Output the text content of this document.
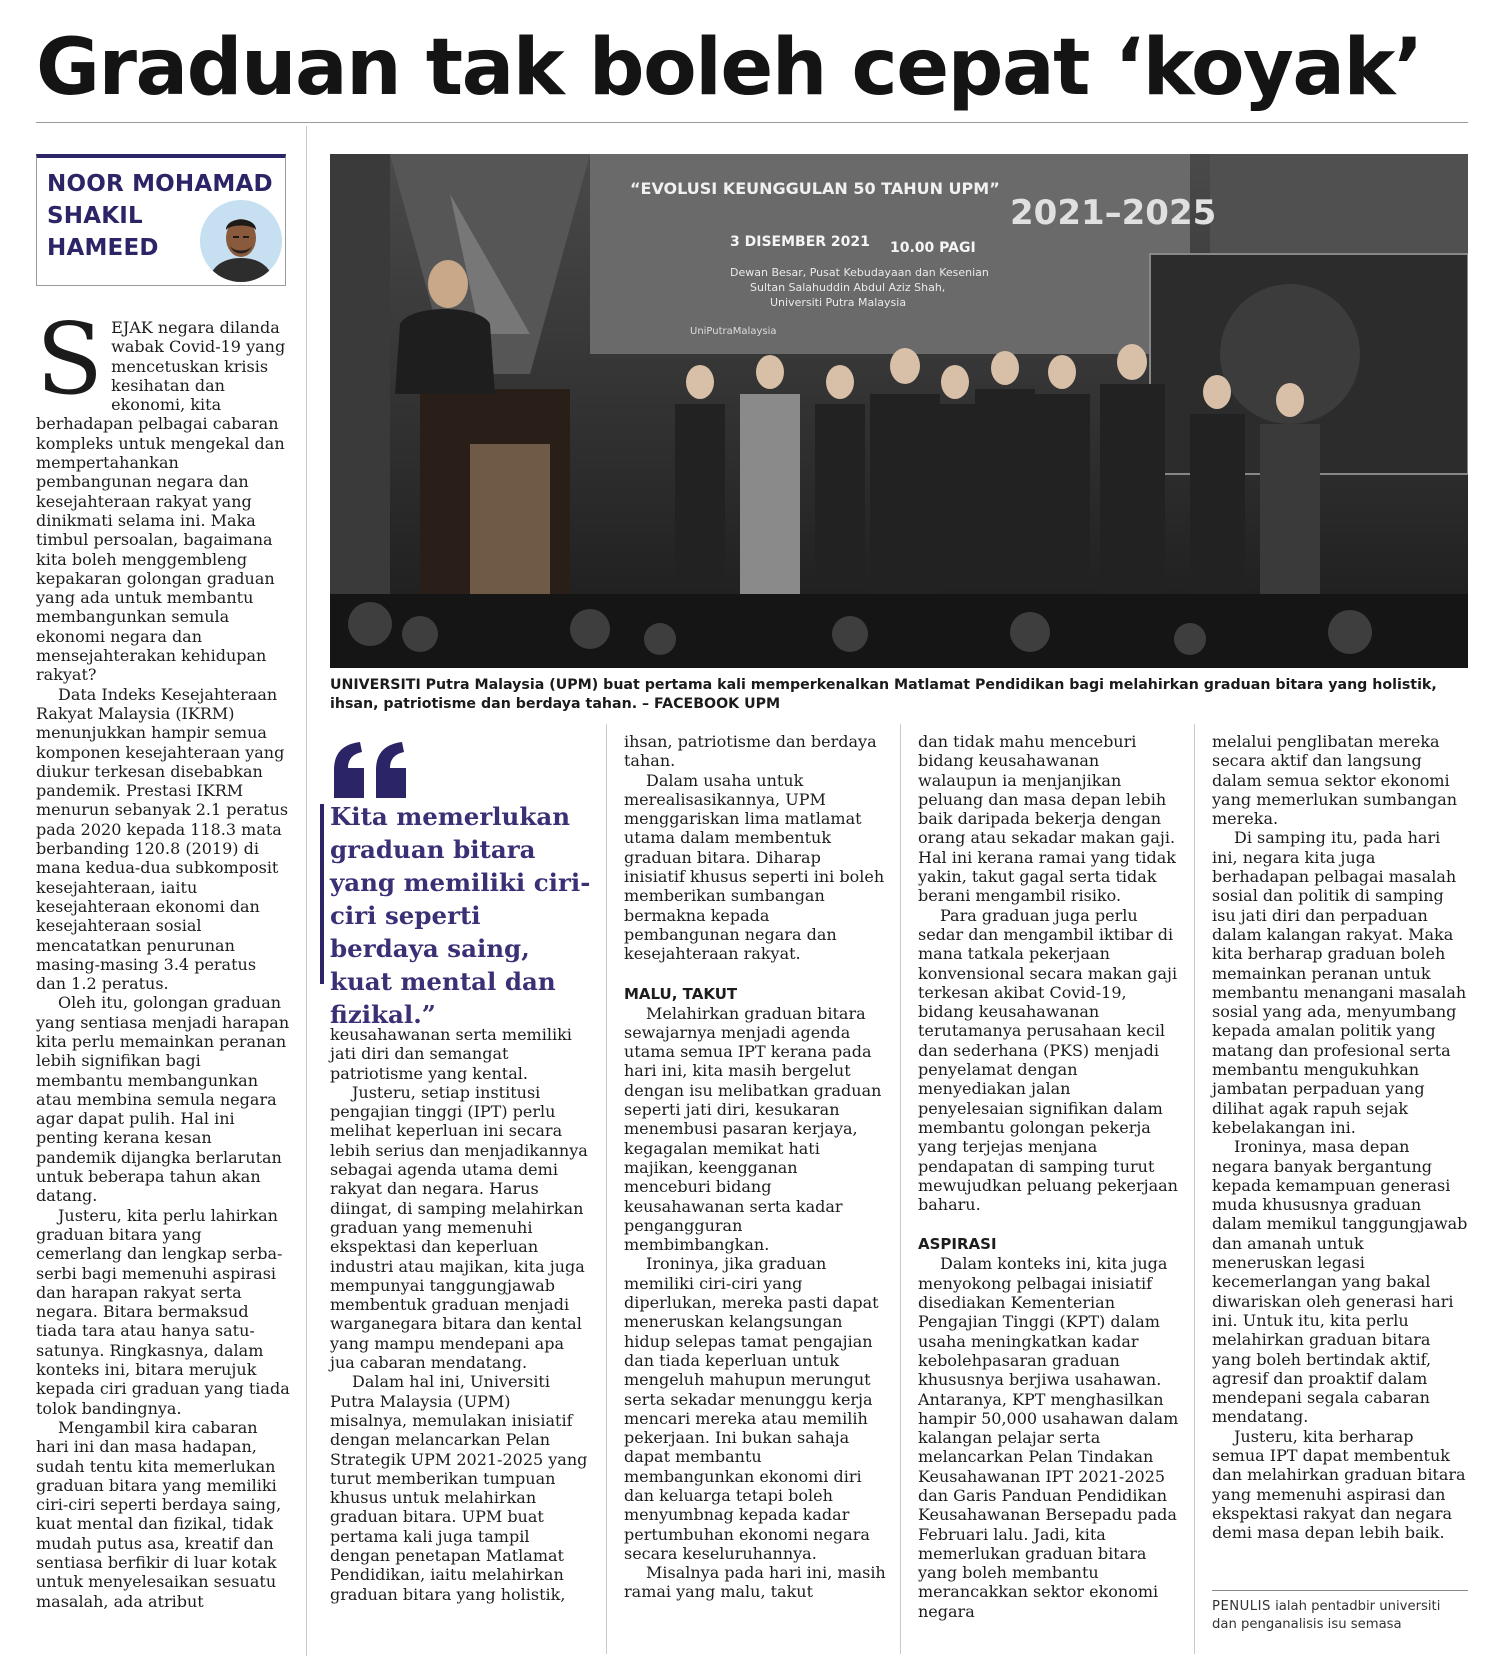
Graduan tak boleh cepat ‘koyak’
NOOR MOHAMAD
SHAKIL
HAMEED
“EVOLUSI KEUNGGULAN 50 TAHUN UPM”
2021–2025
3 DISEMBER 2021 10.00 PAGI
Dewan Besar, Pusat Kebudayaan dan Kesenian
Sultan Salahuddin Abdul Aziz Shah,
Universiti Putra Malaysia
UniPutraMalaysia

UNIVERSITI Putra Malaysia (UPM) buat pertama kali memperkenalkan Matlamat Pendidikan bagi melahirkan graduan bitara yang holistik, ihsan, patriotisme dan berdaya tahan. – FACEBOOK UPM

SEJAK negara dilanda wabak Covid-19 yang mencetuskan krisis kesihatan dan ekonomi, kita berhadapan pelbagai cabaran kompleks untuk mengekal dan mempertahankan pembangunan negara dan kesejahteraan rakyat yang dinikmati selama ini. Maka timbul persoalan, bagaimana kita boleh menggembleng kepakaran golongan graduan yang ada untuk membantu membangunkan semula ekonomi negara dan mensejahterakan kehidupan rakyat?

Data Indeks Kesejahteraan Rakyat Malaysia (IKRM) menunjukkan hampir semua komponen kesejahteraan yang diukur terkesan disebabkan pandemik. Prestasi IKRM menurun sebanyak 2.1 peratus pada 2020 kepada 118.3 mata berbanding 120.8 (2019) di mana kedua-dua subkomposit kesejahteraan, iaitu kesejahteraan ekonomi dan kesejahteraan sosial mencatatkan penurunan masing-masing 3.4 peratus dan 1.2 peratus.

Oleh itu, golongan graduan yang sentiasa menjadi harapan kita perlu memainkan peranan lebih signifikan bagi membantu membangunkan atau membina semula negara agar dapat pulih. Hal ini penting kerana kesan pandemik dijangka berlarutan untuk beberapa tahun akan datang.

Justeru, kita perlu lahirkan graduan bitara yang cemerlang dan lengkap serba-serbi bagi memenuhi aspirasi dan harapan rakyat serta negara. Bitara bermaksud tiada tara atau hanya satu-satunya. Ringkasnya, dalam konteks ini, bitara merujuk kepada ciri graduan yang tiada tolok bandingnya.

Mengambil kira cabaran hari ini dan masa hadapan, sudah tentu kita memerlukan graduan bitara yang memiliki ciri-ciri seperti berdaya saing, kuat mental dan fizikal, tidak mudah putus asa, kreatif dan sentiasa berfikir di luar kotak untuk menyelesaikan sesuatu masalah, ada atribut

Kita memerlukan graduan bitara yang memiliki ciri-ciri seperti berdaya saing, kuat mental dan fizikal.”

keusahawanan serta memiliki jati diri dan semangat patriotisme yang kental.

Justeru, setiap institusi pengajian tinggi (IPT) perlu melihat keperluan ini secara lebih serius dan menjadikannya sebagai agenda utama demi rakyat dan negara. Harus diingat, di samping melahirkan graduan yang memenuhi ekspektasi dan keperluan industri atau majikan, kita juga mempunyai tanggungjawab membentuk graduan menjadi warganegara bitara dan kental yang mampu mendepani apa jua cabaran mendatang.

Dalam hal ini, Universiti Putra Malaysia (UPM) misalnya, memulakan inisiatif dengan melancarkan Pelan Strategik UPM 2021-2025 yang turut memberikan tumpuan khusus untuk melahirkan graduan bitara. UPM buat pertama kali juga tampil dengan penetapan Matlamat Pendidikan, iaitu melahirkan graduan bitara yang holistik,

ihsan, patriotisme dan berdaya tahan.

Dalam usaha untuk merealisasikannya, UPM menggariskan lima matlamat utama dalam membentuk graduan bitara. Diharap inisiatif khusus seperti ini boleh memberikan sumbangan bermakna kepada pembangunan negara dan kesejahteraan rakyat.

MALU, TAKUT

Melahirkan graduan bitara sewajarnya menjadi agenda utama semua IPT kerana pada hari ini, kita masih bergelut dengan isu melibatkan graduan seperti jati diri, kesukaran menembusi pasaran kerjaya, kegagalan memikat hati majikan, keengganan menceburi bidang keusahawanan serta kadar pengangguran membimbangkan.

Ironinya, jika graduan memiliki ciri-ciri yang diperlukan, mereka pasti dapat meneruskan kelangsungan hidup selepas tamat pengajian dan tiada keperluan untuk mengeluh mahupun merungut serta sekadar menunggu kerja mencari mereka atau memilih pekerjaan. Ini bukan sahaja dapat membantu membangunkan ekonomi diri dan keluarga tetapi boleh menyumbnag kepada kadar pertumbuhan ekonomi negara secara keseluruhannya.

Misalnya pada hari ini, masih ramai yang malu, takut

dan tidak mahu menceburi bidang keusahawanan walaupun ia menjanjikan peluang dan masa depan lebih baik daripada bekerja dengan orang atau sekadar makan gaji. Hal ini kerana ramai yang tidak yakin, takut gagal serta tidak berani mengambil risiko.

Para graduan juga perlu sedar dan mengambil iktibar di mana tatkala pekerjaan konvensional secara makan gaji terkesan akibat Covid-19, bidang keusahawanan terutamanya perusahaan kecil dan sederhana (PKS) menjadi penyelamat dengan menyediakan jalan penyelesaian signifikan dalam membantu golongan pekerja yang terjejas menjana pendapatan di samping turut mewujudkan peluang pekerjaan baharu.

ASPIRASI

Dalam konteks ini, kita juga menyokong pelbagai inisiatif disediakan Kementerian Pengajian Tinggi (KPT) dalam usaha meningkatkan kadar kebolehpasaran graduan khususnya berjiwa usahawan. Antaranya, KPT menghasilkan hampir 50,000 usahawan dalam kalangan pelajar serta melancarkan Pelan Tindakan Keusahawanan IPT 2021-2025 dan Garis Panduan Pendidikan Keusahawanan Bersepadu pada Februari lalu. Jadi, kita memerlukan graduan bitara yang boleh membantu merancakkan sektor ekonomi negara

melalui penglibatan mereka secara aktif dan langsung dalam semua sektor ekonomi yang memerlukan sumbangan mereka.

Di samping itu, pada hari ini, negara kita juga berhadapan pelbagai masalah sosial dan politik di samping isu jati diri dan perpaduan dalam kalangan rakyat. Maka kita berharap graduan boleh memainkan peranan untuk membantu menangani masalah sosial yang ada, menyumbang kepada amalan politik yang matang dan profesional serta membantu mengukuhkan jambatan perpaduan yang dilihat agak rapuh sejak kebelakangan ini.

Ironinya, masa depan negara banyak bergantung kepada kemampuan generasi muda khususnya graduan dalam memikul tanggungjawab dan amanah untuk meneruskan legasi kecemerlangan yang bakal diwariskan oleh generasi hari ini. Untuk itu, kita perlu melahirkan graduan bitara yang boleh bertindak aktif, agresif dan proaktif dalam mendepani segala cabaran mendatang.

Justeru, kita berharap semua IPT dapat membentuk dan melahirkan graduan bitara yang memenuhi aspirasi dan ekspektasi rakyat dan negara demi masa depan lebih baik.

PENULIS ialah pentadbir universiti dan penganalisis isu semasa
